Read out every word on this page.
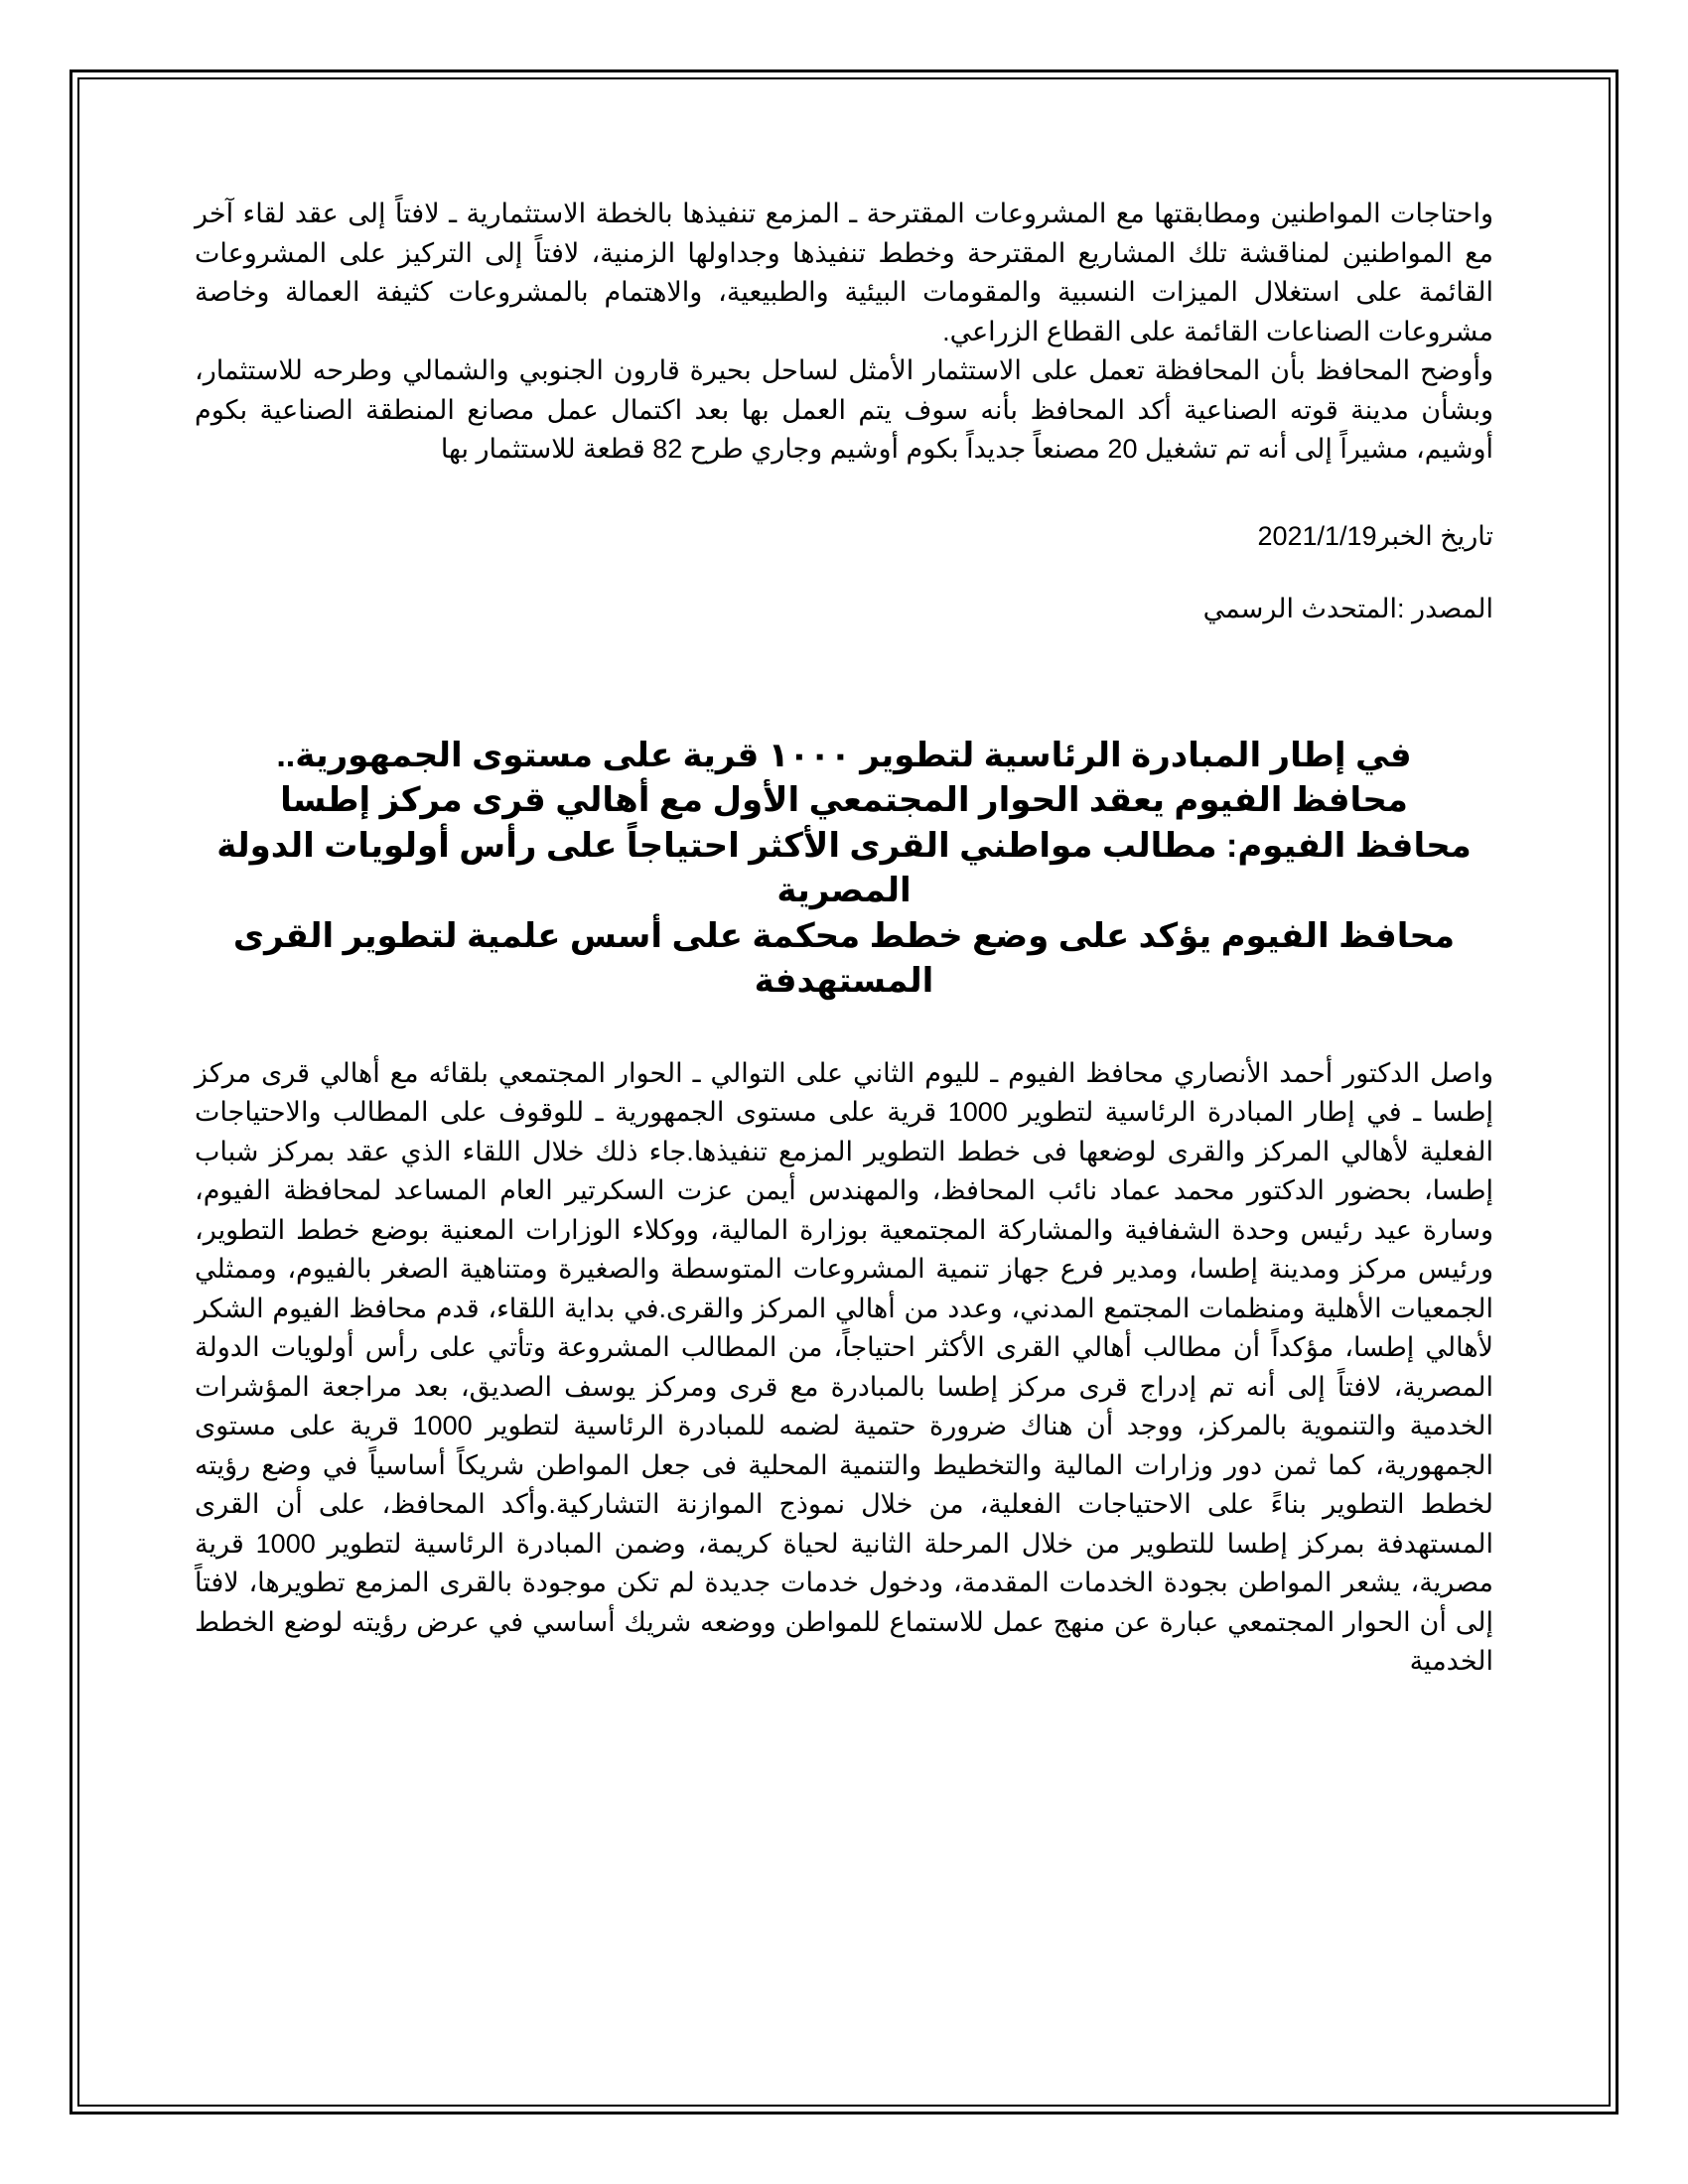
واحتاجات المواطنين ومطابقتها مع المشروعات المقترحة ـ المزمع تنفيذها بالخطة الاستثمارية ـ لافتاً إلى عقد لقاء آخر مع المواطنين لمناقشة تلك المشاريع المقترحة وخطط تنفيذها وجداولها الزمنية، لافتاً إلى التركيز على المشروعات القائمة على استغلال الميزات النسبية والمقومات البيئية والطبيعية، والاهتمام بالمشروعات كثيفة العمالة وخاصة مشروعات الصناعات القائمة على القطاع الزراعي.

وأوضح المحافظ بأن المحافظة تعمل على الاستثمار الأمثل لساحل بحيرة قارون الجنوبي والشمالي وطرحه للاستثمار، وبشأن مدينة قوته الصناعية أكد المحافظ بأنه سوف يتم العمل بها بعد اكتمال عمل مصانع المنطقة الصناعية بكوم أوشيم، مشيراً إلى أنه تم تشغيل 20 مصنعاً جديداً بكوم أوشيم وجاري طرح 82 قطعة للاستثمار بها

تاريخ الخبر2021/1/19

المصدر :المتحدث الرسمي

في إطار المبادرة الرئاسية لتطوير ١٠٠٠ قرية على مستوى الجمهورية..
محافظ الفيوم يعقد الحوار المجتمعي الأول مع أهالي قرى مركز إطسا
محافظ الفيوم: مطالب مواطني القرى الأكثر احتياجاً على رأس أولويات الدولة المصرية
محافظ الفيوم يؤكد على وضع خطط محكمة على أسس علمية لتطوير القرى المستهدفة

واصل الدكتور أحمد الأنصاري محافظ الفيوم ـ لليوم الثاني على التوالي ـ الحوار المجتمعي بلقائه مع أهالي قرى مركز إطسا ـ في إطار المبادرة الرئاسية لتطوير 1000 قرية على مستوى الجمهورية ـ للوقوف على المطالب والاحتياجات الفعلية لأهالي المركز والقرى لوضعها فى خطط التطوير المزمع تنفيذها.جاء ذلك خلال اللقاء الذي عقد بمركز شباب إطسا، بحضور الدكتور محمد عماد نائب المحافظ، والمهندس أيمن عزت السكرتير العام المساعد لمحافظة الفيوم، وسارة عيد رئيس وحدة الشفافية والمشاركة المجتمعية بوزارة المالية، ووكلاء الوزارات المعنية بوضع خطط التطوير، ورئيس مركز ومدينة إطسا، ومدير فرع جهاز تنمية المشروعات المتوسطة والصغيرة ومتناهية الصغر بالفيوم، وممثلي الجمعيات الأهلية ومنظمات المجتمع المدني، وعدد من أهالي المركز والقرى.في بداية اللقاء، قدم محافظ الفيوم الشكر لأهالي إطسا، مؤكداً أن مطالب أهالي القرى الأكثر احتياجاً، من المطالب المشروعة وتأتي على رأس أولويات الدولة المصرية، لافتاً إلى أنه تم إدراج قرى مركز إطسا بالمبادرة مع قرى ومركز يوسف الصديق، بعد مراجعة المؤشرات الخدمية والتنموية بالمركز، ووجد أن هناك ضرورة حتمية لضمه للمبادرة الرئاسية لتطوير 1000 قرية على مستوى الجمهورية، كما ثمن دور وزارات المالية والتخطيط والتنمية المحلية فى جعل المواطن شريكاً أساسياً في وضع رؤيته لخطط التطوير بناءً على الاحتياجات الفعلية، من خلال نموذج الموازنة التشاركية.وأكد المحافظ، على أن القرى المستهدفة بمركز إطسا للتطوير من خلال المرحلة الثانية لحياة كريمة، وضمن المبادرة الرئاسية لتطوير 1000 قرية مصرية، يشعر المواطن بجودة الخدمات المقدمة، ودخول خدمات جديدة لم تكن موجودة بالقرى المزمع تطويرها، لافتاً إلى أن الحوار المجتمعي عبارة عن منهج عمل للاستماع للمواطن ووضعه شريك أساسي في عرض رؤيته لوضع الخطط الخدمية
